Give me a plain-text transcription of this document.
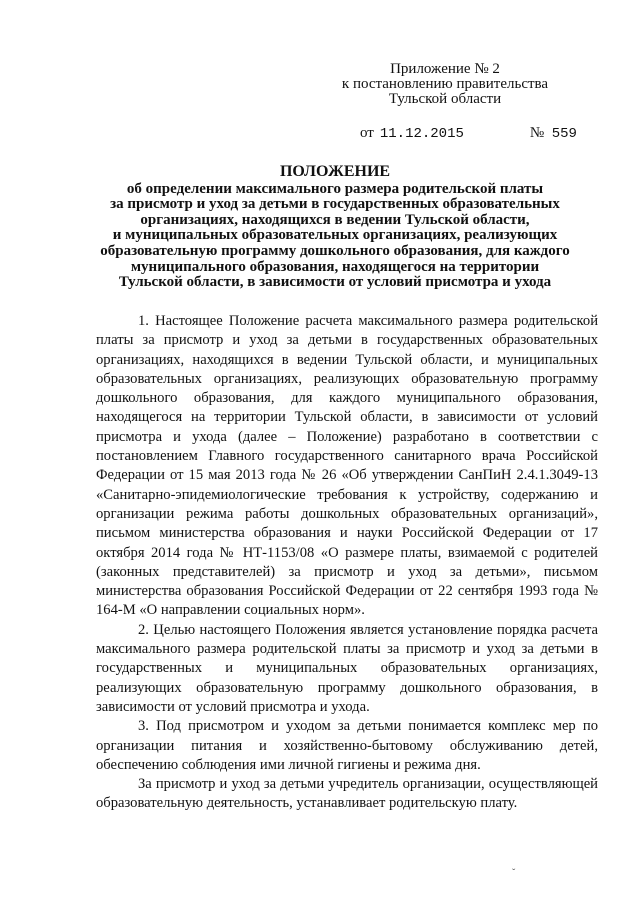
Приложение № 2
к постановлению правительства
Тульской области
от 11.12.2015	№ 559
ПОЛОЖЕНИЕ
об определении максимального размера родительской платы
за присмотр и уход за детьми в государственных образовательных
организациях, находящихся в ведении Тульской области,
и муниципальных образовательных организациях, реализующих
образовательную программу дошкольного образования, для каждого
муниципального образования, находящегося на территории
Тульской области, в зависимости от условий присмотра и ухода

1. Настоящее Положение расчета максимального размера родительской платы за присмотр и уход за детьми в государственных образовательных организациях, находящихся в ведении Тульской области, и муниципальных образовательных организациях, реализующих образовательную программу дошкольного образования, для каждого муниципального образования, находящегося на территории Тульской области, в зависимости от условий присмотра и ухода (далее – Положение) разработано в соответствии с постановлением Главного государственного санитарного врача Российской Федерации от 15 мая 2013 года № 26 «Об утверждении СанПиН 2.4.1.3049-13 «Санитарно-эпидемиологические требования к устройству, содержанию и организации режима работы дошкольных образовательных организаций», письмом министерства образования и науки Российской Федерации от 17 октября 2014 года № НТ-1153/08 «О размере платы, взимаемой с родителей (законных представителей) за присмотр и уход за детьми», письмом министерства образования Российской Федерации от 22 сентября 1993 года № 164-М «О направлении социальных норм».

2. Целью настоящего Положения является установление порядка расчета максимального размера родительской платы за присмотр и уход за детьми в государственных и муниципальных образовательных организациях, реализующих образовательную программу дошкольного образования, в зависимости от условий присмотра и ухода.

3. Под присмотром и уходом за детьми понимается комплекс мер по организации питания и хозяйственно-бытовому обслуживанию детей, обеспечению соблюдения ими личной гигиены и режима дня.

За присмотр и уход за детьми учредитель организации, осуществляющей образовательную деятельность, устанавливает родительскую плату.

ˇ
